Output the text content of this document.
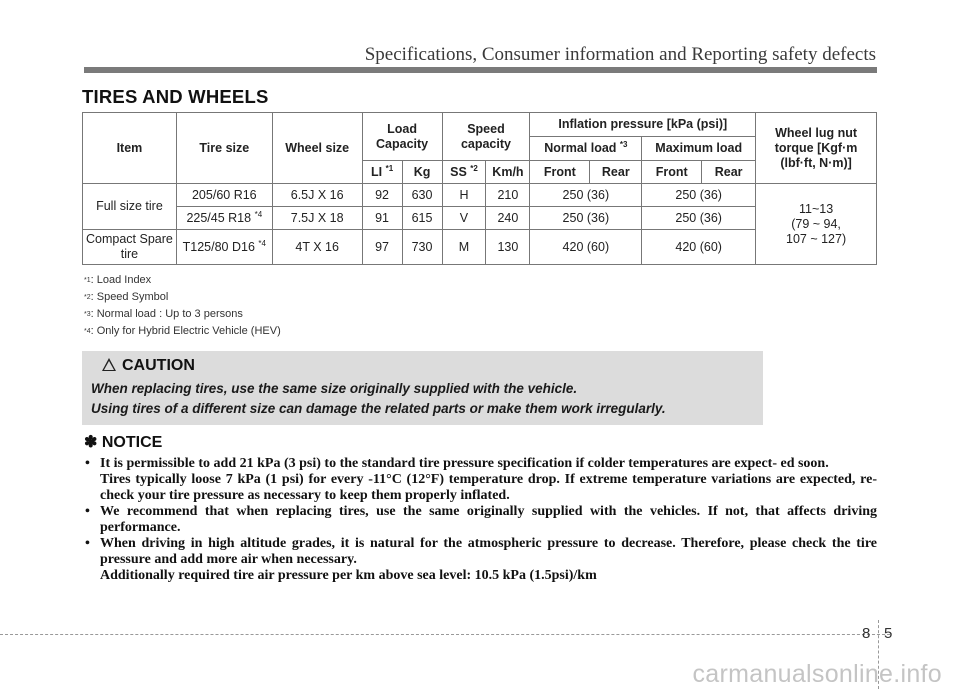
Specifications, Consumer information and Reporting safety defects
TIRES AND WHEELS
Item	Tire size	Wheel size	Load Capacity		Speed capacity		Inflation pressure [kPa (psi)]				Wheel lug nut torque [Kgf·m (lbf·ft, N·m)]
							Normal load $^{*3}$		Maximum load		
			LI $^{*1}$	Kg	SS $^{*2}$	Km/h	Front	Rear	Front	Rear	
Full size tire	205/60 R16	6.5J X 16	92	630	H	210	250 (36)		250 (36)		11~13
(79 ~ 94,
107 ~ 127)

	225/45 R18 $^{*4}$	7.5J X 18	91	615	V	240	250 (36)		250 (36)		
Compact Spare tire	T125/80 D16 $^{*4}$	4T X 16	97	730	M	130	420 (60)		420 (60)		
$^{*1}$: Load Index
$^{*2}$: Speed Symbol
$^{*3}$: Normal load : Up to 3 persons
$^{*4}$: Only for Hybrid Electric Vehicle (HEV)
CAUTION
When replacing tires, use the same size originally supplied with the vehicle.
Using tires of a different size can damage the related parts or make them work irregularly.
✽ NOTICE

• It is permissible to add 21 kPa (3 psi) to the standard tire pressure specification if colder temperatures are expect- ed soon.

Tires typically loose 7 kPa (1 psi) for every -11°C (12°F) temperature drop. If extreme temperature variations are expected, re-check your tire pressure as necessary to keep them properly inflated.

• We recommend that when replacing tires, use the same originally supplied with the vehicles. If not, that affects driving performance.

• When driving in high altitude grades, it is natural for the atmospheric pressure to decrease. Therefore, please check the tire pressure and add more air when necessary.

Additionally required tire air pressure per km above sea level: 10.5 kPa (1.5psi)/km

8 5
carmanualsonline.info
